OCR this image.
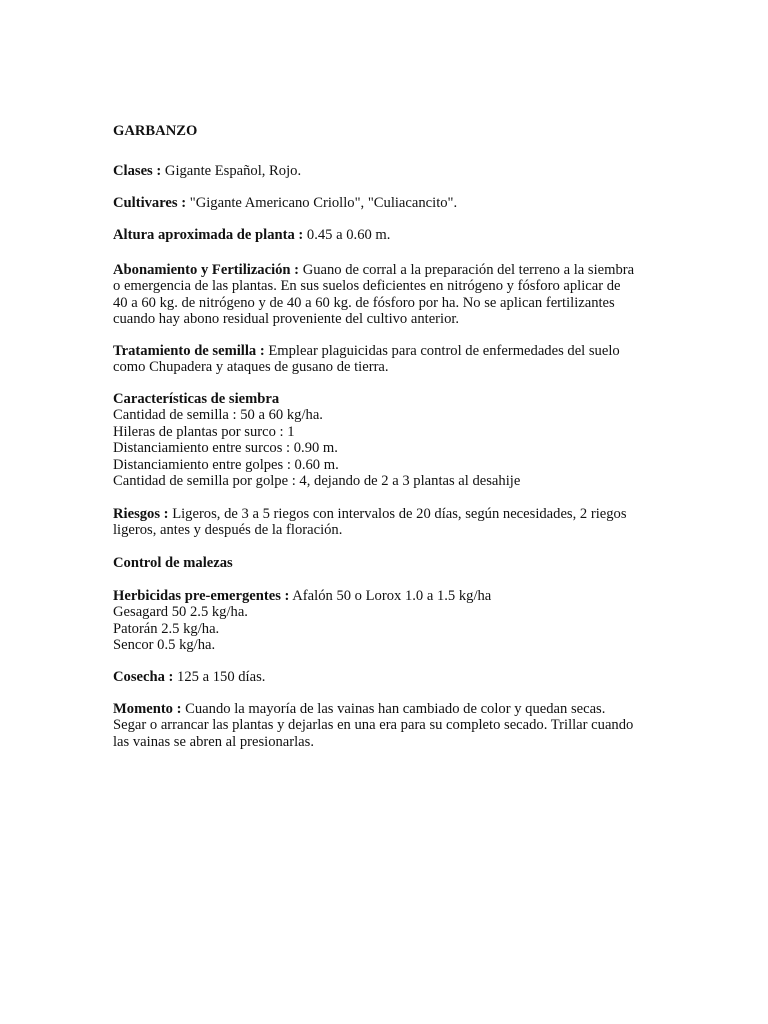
GARBANZO
Clases : Gigante Español, Rojo.
Cultivares : "Gigante Americano Criollo", "Culiacancito".
Altura aproximada de planta : 0.45 a 0.60 m.
Abonamiento y Fertilización : Guano de corral a la preparación del terreno a la siembra
o emergencia de las plantas. En sus suelos deficientes en nitrógeno y fósforo aplicar de
40 a 60 kg. de nitrógeno y de 40 a 60 kg. de fósforo por ha. No se aplican fertilizantes
cuando hay abono residual proveniente del cultivo anterior.
Tratamiento de semilla : Emplear plaguicidas para control de enfermedades del suelo
como Chupadera y ataques de gusano de tierra.
Características de siembra
Cantidad de semilla : 50 a 60 kg/ha.
Hileras de plantas por surco : 1
Distanciamiento entre surcos : 0.90 m.
Distanciamiento entre golpes : 0.60 m.
Cantidad de semilla por golpe : 4, dejando de 2 a 3 plantas al desahije
Riesgos : Ligeros, de 3 a 5 riegos con intervalos de 20 días, según necesidades, 2 riegos
ligeros, antes y después de la floración.
Control de malezas
Herbicidas pre-emergentes : Afalón 50 o Lorox 1.0 a 1.5 kg/ha
Gesagard 50 2.5 kg/ha.
Patorán 2.5 kg/ha.
Sencor 0.5 kg/ha.
Cosecha : 125 a 150 días.
Momento : Cuando la mayoría de las vainas han cambiado de color y quedan secas.
Segar o arrancar las plantas y dejarlas en una era para su completo secado. Trillar cuando
las vainas se abren al presionarlas.
